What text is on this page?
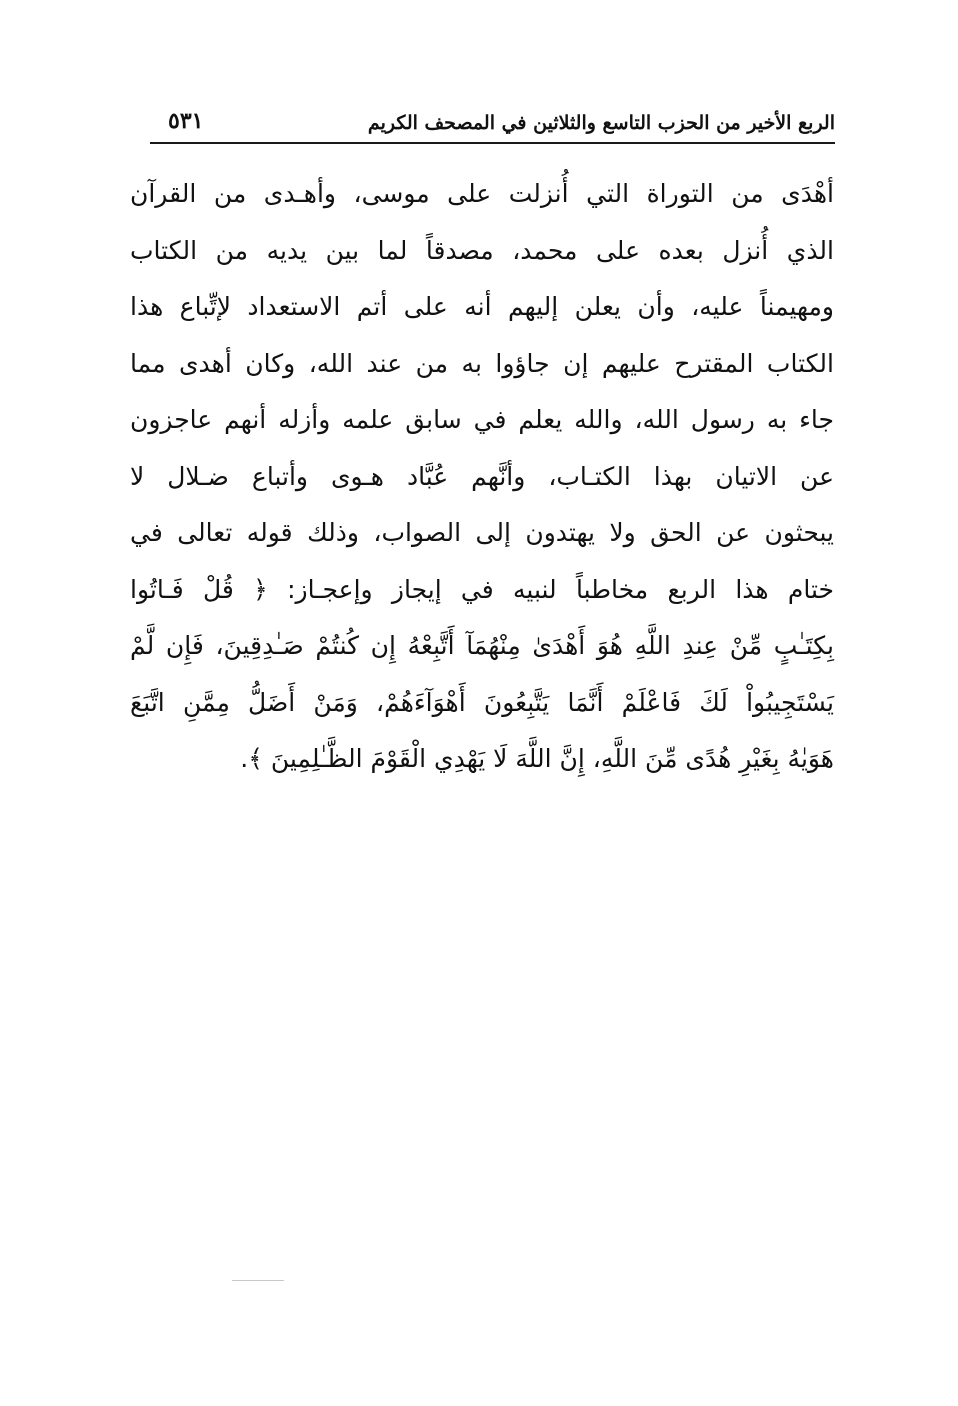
الربع الأخير من الحزب التاسع والثلاثين في المصحف الكريم
٥٣١
أهْدَى من التوراة التي أُنزلت على موسى، وأهـدى من القرآن
الذي أُنزل بعده على محمد، مصدقاً لما بين يديه من الكتاب
ومهيمناً عليه، وأن يعلن إليهم أنه على أتم الاستعداد لإتِّباع هذا
الكتاب المقترح عليهم إن جاؤوا به من عند الله، وكان أهدى مما
جاء به رسول الله، والله يعلم في سابق علمه وأزله أنهم عاجزون
عن الاتيان بهذا الكتـاب، وأنَّهم عُبَّاد هـوى وأتباع ضـلال لا
يبحثون عن الحق ولا يهتدون إلى الصواب، وذلك قوله تعالى في
ختام هذا الربع مخاطباً لنبيه في إيجاز وإعجـاز: ﴿ قُلْ فَـاتُوا
بِكِتَـٰبٍ مِّنْ عِندِ اللَّهِ هُوَ أَهْدَىٰ مِنْهُمَآ أَتَّبِعْهُ إِن كُنتُمْ صَـٰدِقِينَ، فَإِن لَّمْ
يَسْتَجِيبُواْ لَكَ فَاعْلَمْ أَنَّمَا يَتَّبِعُونَ أَهْوَآءَهُمْ، وَمَنْ أَضَلُّ مِمَّنِ اتَّبَعَ
هَوَيٰهُ بِغَيْرِ هُدًى مِّنَ اللَّهِ، إِنَّ اللَّهَ لَا يَهْدِي الْقَوْمَ الظَّـٰلِمِينَ ﴾.
